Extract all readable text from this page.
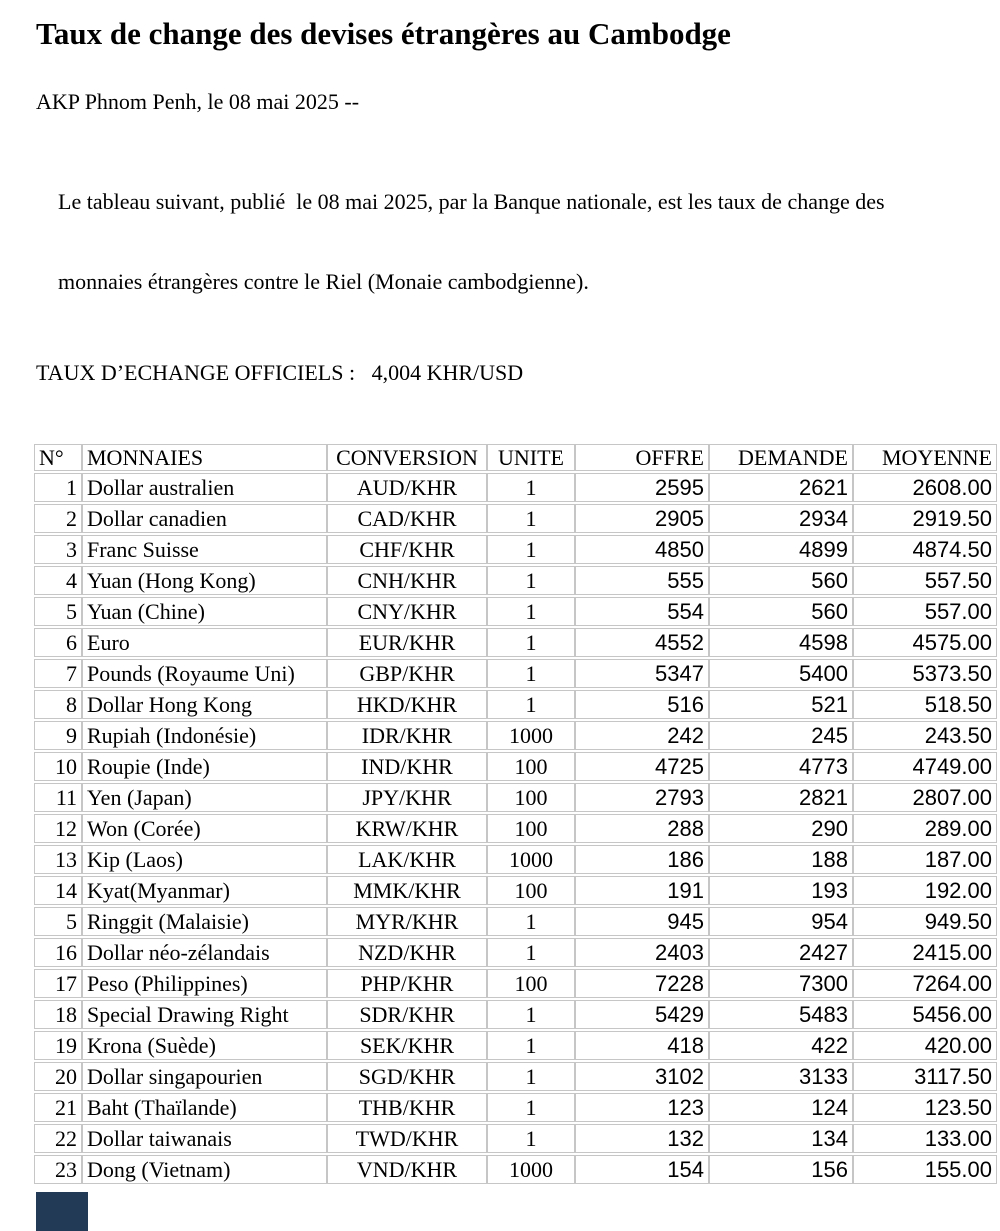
Taux de change des devises étrangères au Cambodge
AKP Phnom Penh, le 08 mai 2025 --

Le tableau suivant, publié  le 08 mai 2025, par la Banque nationale, est les taux de change des

monnaies étrangères contre le Riel (Monaie cambodgienne).

TAUX D’ECHANGE OFFICIELS :   4,004 KHR/USD
N°	MONNAIES	CONVERSION	UNITE	OFFRE	DEMANDE	MOYENNE
1	Dollar australien	AUD/KHR	1	2595	2621	2608.00
2	Dollar canadien	CAD/KHR	1	2905	2934	2919.50
3	Franc Suisse	CHF/KHR	1	4850	4899	4874.50
4	Yuan (Hong Kong)	CNH/KHR	1	555	560	557.50
5	Yuan (Chine)	CNY/KHR	1	554	560	557.00
6	Euro	EUR/KHR	1	4552	4598	4575.00
7	Pounds (Royaume Uni)	GBP/KHR	1	5347	5400	5373.50
8	Dollar Hong Kong	HKD/KHR	1	516	521	518.50
9	Rupiah (Indonésie)	IDR/KHR	1000	242	245	243.50
10	Roupie (Inde)	IND/KHR	100	4725	4773	4749.00
11	Yen (Japan)	JPY/KHR	100	2793	2821	2807.00
12	Won (Corée)	KRW/KHR	100	288	290	289.00
13	Kip (Laos)	LAK/KHR	1000	186	188	187.00
14	Kyat(Myanmar)	MMK/KHR	100	191	193	192.00
5	Ringgit (Malaisie)	MYR/KHR	1	945	954	949.50
16	Dollar néo-zélandais	NZD/KHR	1	2403	2427	2415.00
17	Peso (Philippines)	PHP/KHR	100	7228	7300	7264.00
18	Special Drawing Right	SDR/KHR	1	5429	5483	5456.00
19	Krona (Suède)	SEK/KHR	1	418	422	420.00
20	Dollar singapourien	SGD/KHR	1	3102	3133	3117.50
21	Baht (Thaïlande)	THB/KHR	1	123	124	123.50
22	Dollar taiwanais	TWD/KHR	1	132	134	133.00
23	Dong (Vietnam)	VND/KHR	1000	154	156	155.00
